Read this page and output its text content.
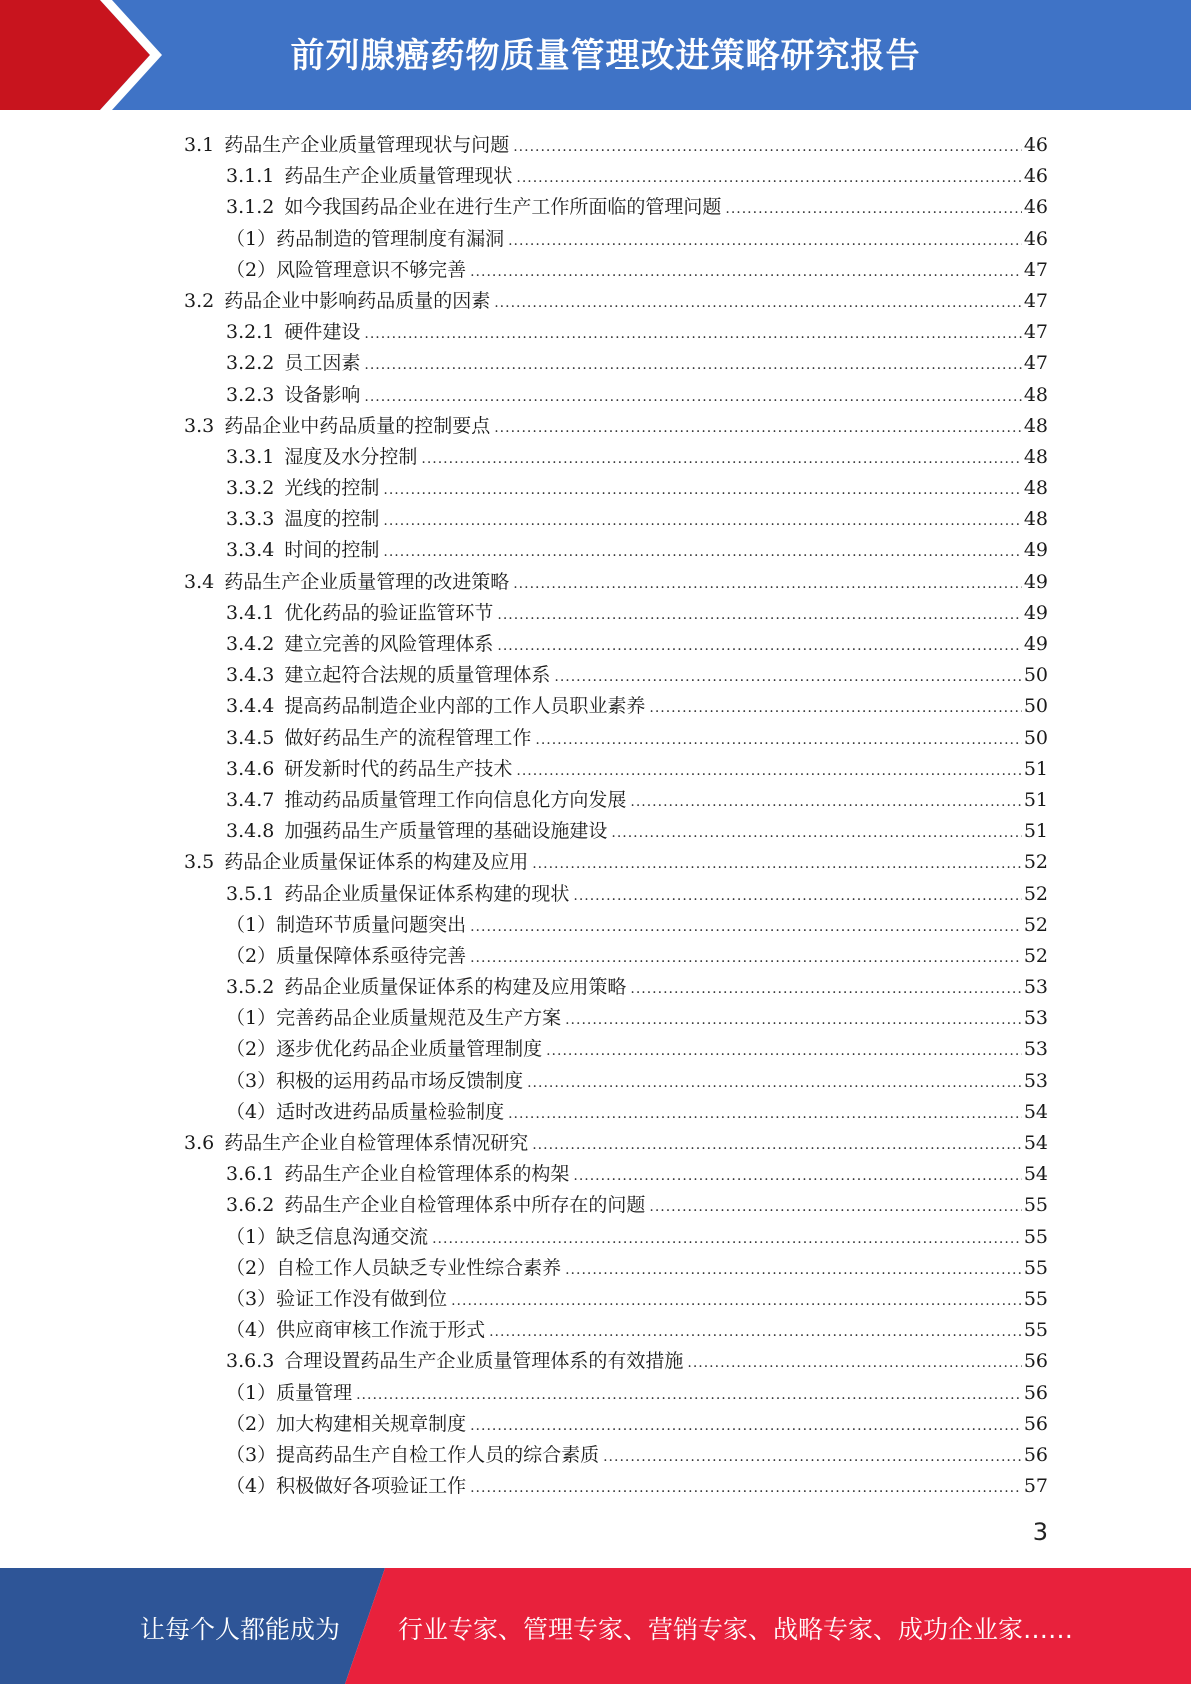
前列腺癌药物质量管理改进策略研究报告
3.1 药品生产企业质量管理现状与问题 .....	46
3.1.1 药品生产企业质量管理现状 .....	46
3.1.2 如今我国药品企业在进行生产工作所面临的管理问题 .....	46
（1） 药品制造的管理制度有漏洞 .....	46
（2） 风险管理意识不够完善 .....	47
3.2 药品企业中影响药品质量的因素 .....	47
3.2.1 硬件建设 .....	47
3.2.2 员工因素 .....	47
3.2.3 设备影响 .....	48
3.3 药品企业中药品质量的控制要点 .....	48
3.3.1 湿度及水分控制 .....	48
3.3.2 光线的控制 .....	48
3.3.3 温度的控制 .....	48
3.3.4 时间的控制 .....	49
3.4 药品生产企业质量管理的改进策略 .....	49
3.4.1 优化药品的验证监管环节 .....	49
3.4.2 建立完善的风险管理体系 .....	49
3.4.3 建立起符合法规的质量管理体系 .....	50
3.4.4 提高药品制造企业内部的工作人员职业素养 .....	50
3.4.5 做好药品生产的流程管理工作 .....	50
3.4.6 研发新时代的药品生产技术 .....	51
3.4.7 推动药品质量管理工作向信息化方向发展 .....	51
3.4.8 加强药品生产质量管理的基础设施建设 .....	51
3.5 药品企业质量保证体系的构建及应用 .....	52
3.5.1 药品企业质量保证体系构建的现状 .....	52
（1） 制造环节质量问题突出 .....	52
（2） 质量保障体系亟待完善 .....	52
3.5.2 药品企业质量保证体系的构建及应用策略 .....	53
（1） 完善药品企业质量规范及生产方案 .....	53
（2） 逐步优化药品企业质量管理制度 .....	53
（3） 积极的运用药品市场反馈制度 .....	53
（4） 适时改进药品质量检验制度 .....	54
3.6 药品生产企业自检管理体系情况研究 .....	54
3.6.1 药品生产企业自检管理体系的构架 .....	54
3.6.2 药品生产企业自检管理体系中所存在的问题 .....	55
（1） 缺乏信息沟通交流 .....	55
（2） 自检工作人员缺乏专业性综合素养 .....	55
（3） 验证工作没有做到位 .....	55
（4） 供应商审核工作流于形式 .....	55
3.6.3 合理设置药品生产企业质量管理体系的有效措施 .....	56
（1） 质量管理 .....	56
（2） 加大构建相关规章制度 .....	56
（3） 提高药品生产自检工作人员的综合素质 .....	56
（4） 积极做好各项验证工作 .....	57
3
让每个人都能成为 行业专家、管理专家、营销专家、战略专家、成功企业家……
